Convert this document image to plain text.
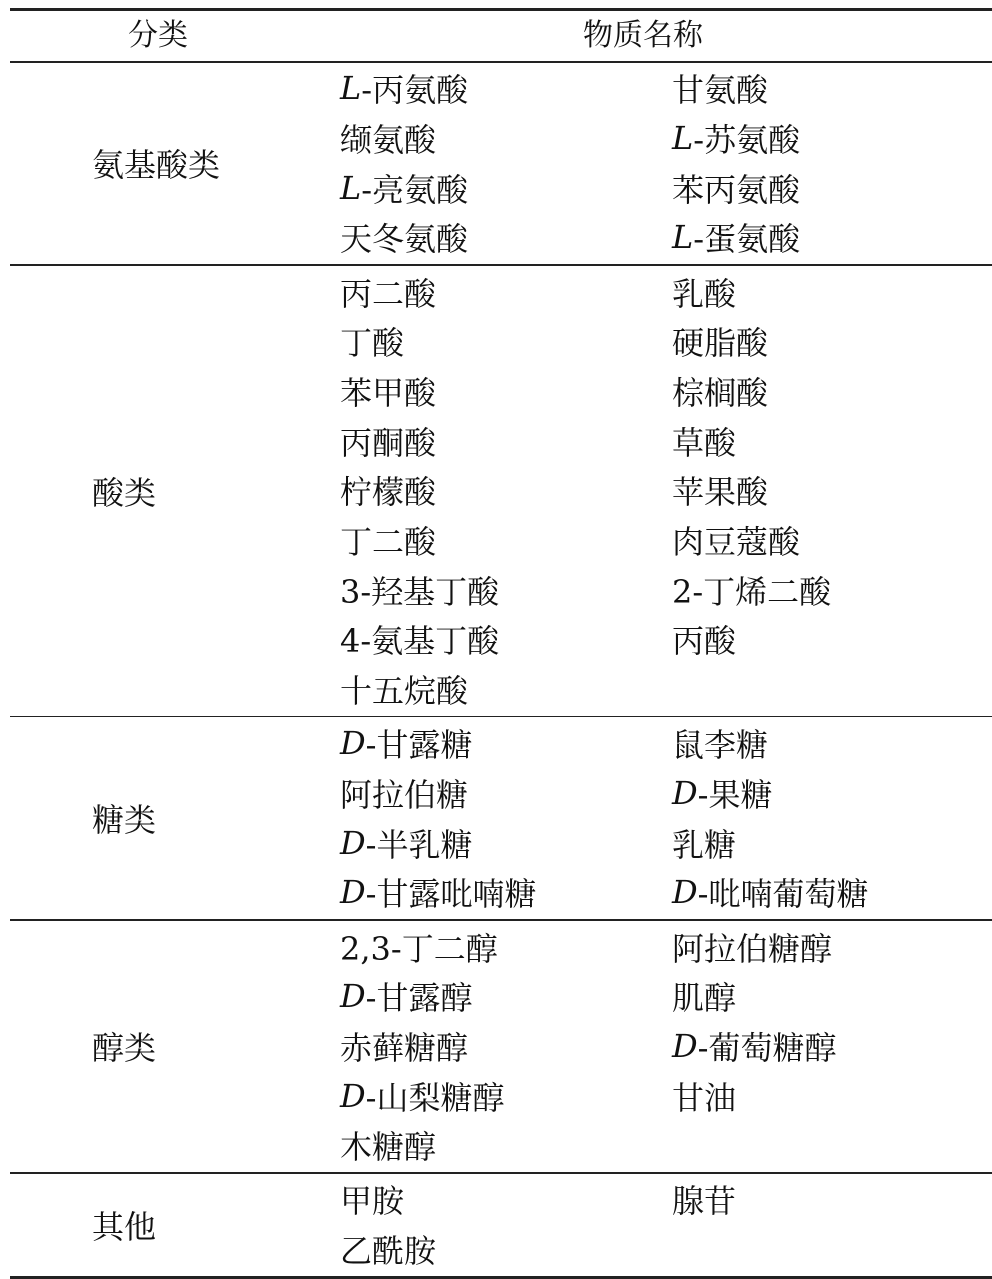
分类	物质名称
氨基酸类
L -丙氨酸	甘氨酸
缬氨酸	L -苏氨酸
L -亮氨酸	苯丙氨酸
天冬氨酸	L -蛋氨酸
酸类
丙二酸	乳酸
丁酸	硬脂酸
苯甲酸	棕榈酸
丙酮酸	草酸
柠檬酸	苹果酸
丁二酸	肉豆蔻酸
3-羟基丁酸	2-丁烯二酸
4-氨基丁酸	丙酸
十五烷酸
糖类
D -甘露糖	鼠李糖
阿拉伯糖	D -果糖
D -半乳糖	乳糖
D -甘露吡喃糖	D -吡喃葡萄糖
醇类
2,3-丁二醇	阿拉伯糖醇
D -甘露醇	肌醇
赤藓糖醇	D -葡萄糖醇
D -山梨糖醇	甘油
木糖醇
其他
甲胺	腺苷
乙酰胺
